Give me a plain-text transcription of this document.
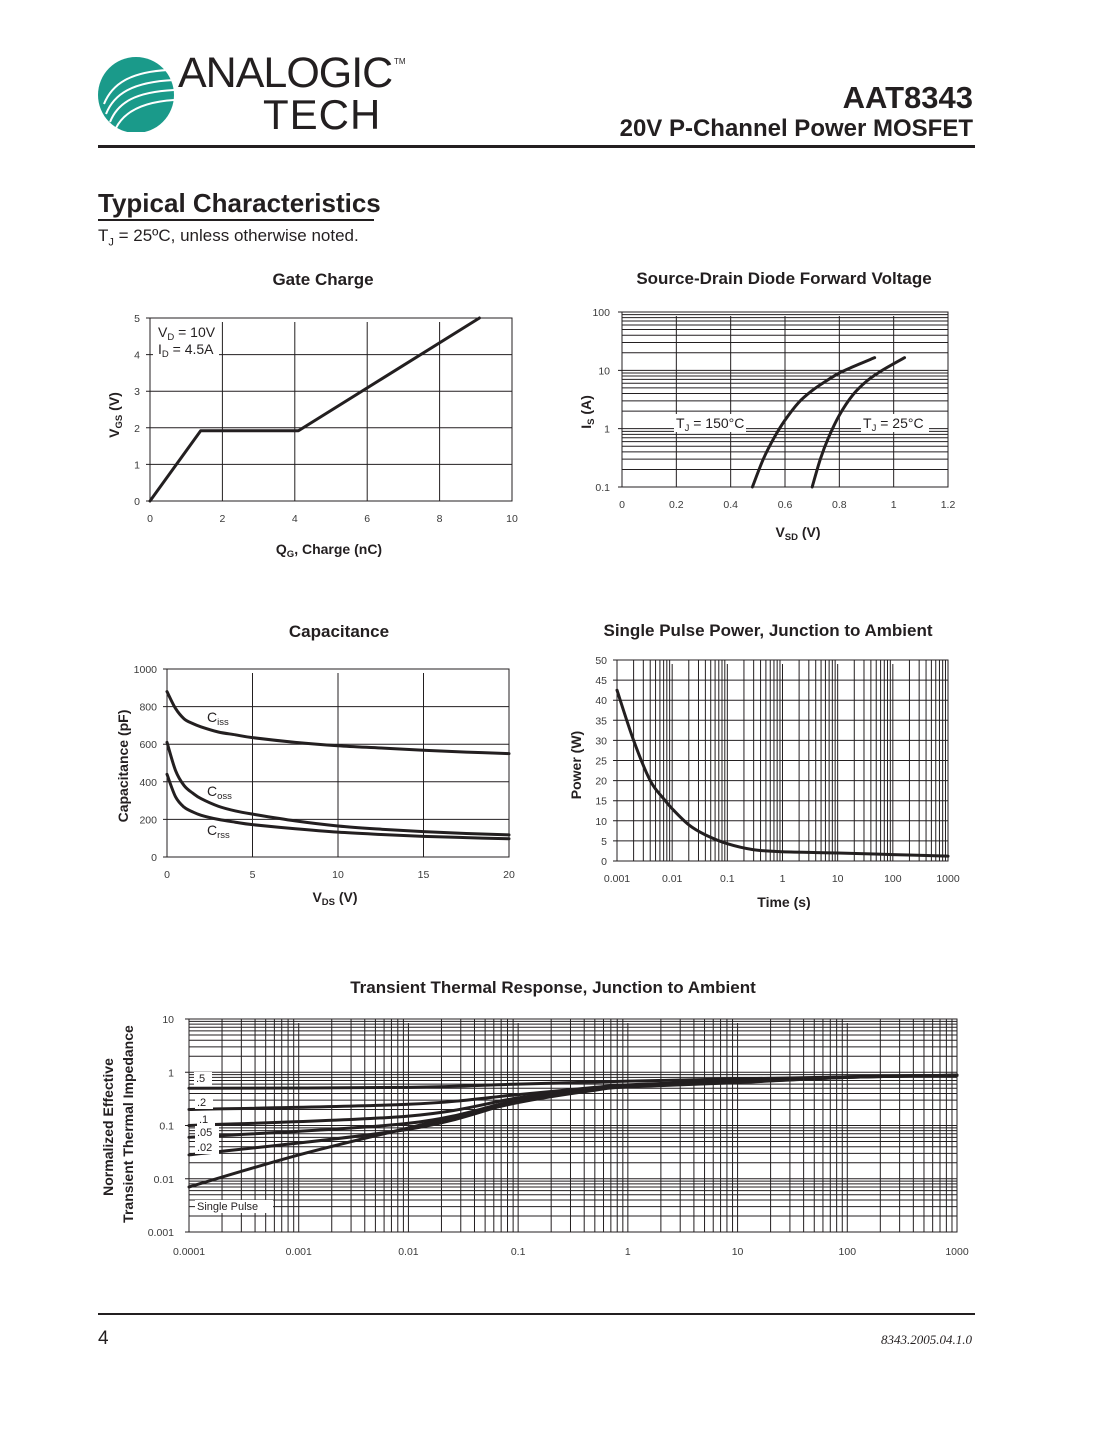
ANALOGIC TM
TECH	AAT8343
20V P-Channel Power MOSFET
Typical Characteristics
$T_J$ = 25ºC, unless otherwise noted.
Gate Charge
0	2	4	6	8	10
0
1
2
3
4
5
$V_D = 10V$
$I_D = 4.5A$
$Q_G$, Charge (nC)
$V_{GS}$ (V)
Source-Drain Diode Forward Voltage
0	0.2	0.4	0.6	0.8	1	1.2
0.1
1
10
100
$T_J = 150^\circ C$	$T_J = 25^\circ C$
$V_{SD}$ (V)
$I_S$ (A)
Capacitance
0	5	10	15	20
0
200
400
600
800
1000
$C_{iss}$
$C_{oss}$
$C_{rss}$
$V_{DS}$ (V)
Capacitance (pF)
Single Pulse Power, Junction to Ambient
0.001	0.01	0.1	1	10	100	1000
0
5
10
15
20
25
30
35
40
45
50
Time (s)
Power (W)
Transient Thermal Response, Junction to Ambient
0.0001	0.001	0.01	0.1	1	10	100	1000
0.001
0.01
0.1
1
10
.5
.2
.1
.05
.02
Single Pulse
Normalized Effective Transient Thermal Impedance
4	8343.2005.04.1.0
